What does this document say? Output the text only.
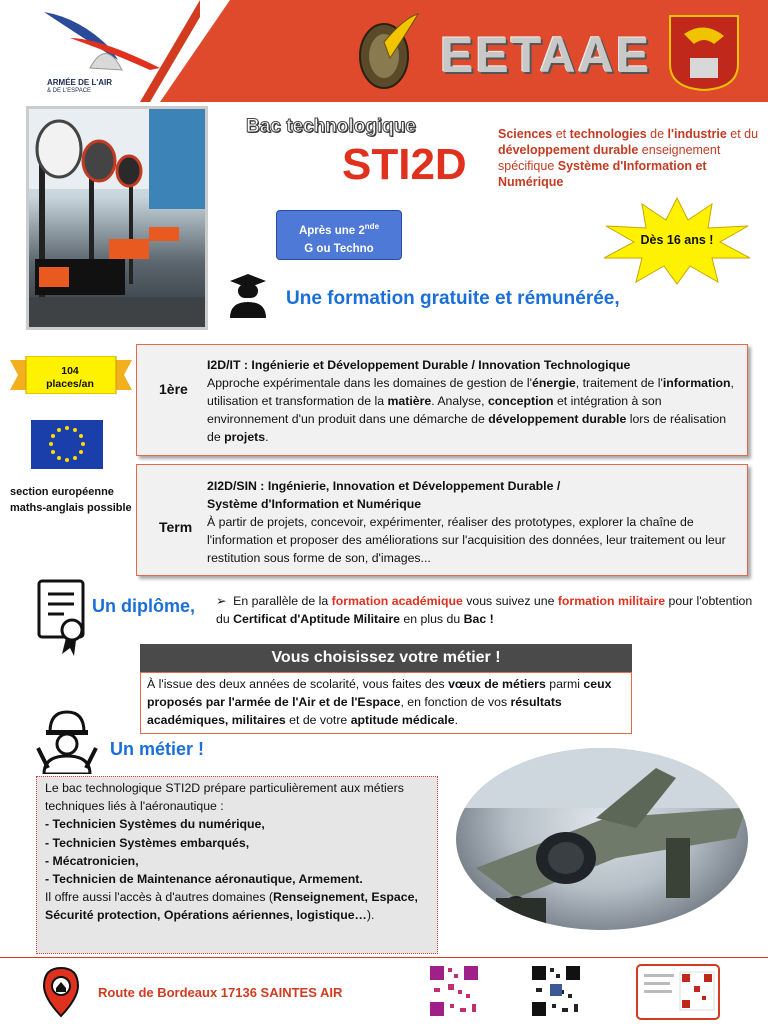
ARMÉE DE L'AIR
& DE L'ESPACE
EETAAE
Bac technologique
STI2D
Sciences et technologies de l'industrie et du développement durable enseignement spécifique Système d'Information et Numérique
Après une 2nde
G ou Techno
Dès 16 ans !
Une formation gratuite et rémunérée,
104
places/an
section européenne
maths-anglais possible
1ère
I2D/IT : Ingénierie et Développement Durable / Innovation Technologique
Approche expérimentale dans les domaines de gestion de l'énergie, traitement de l'information, utilisation et transformation de la matière. Analyse, conception et intégration à son environnement d'un produit dans une démarche de développement durable lors de réalisation de projets.
Term
2I2D/SIN : Ingénierie, Innovation et Développement Durable /
Système d'Information et Numérique
À partir de projets, concevoir, expérimenter, réaliser des prototypes, explorer la chaîne de l'information et proposer des améliorations sur l'acquisition des données, leur traitement ou leur restitution sous forme de son, d'images...
Un diplôme, ➢ En parallèle de la formation académique vous suivez une formation militaire pour l'obtention du Certificat d'Aptitude Militaire en plus du Bac !
Vous choisissez votre métier !
À l'issue des deux années de scolarité, vous faites des vœux de métiers parmi ceux proposés par l'armée de l'Air et de l'Espace, en fonction de vos résultats académiques, militaires et de votre aptitude médicale.
Un métier !
Le bac technologique STI2D prépare particulièrement aux métiers techniques liés à l'aéronautique :
- Technicien Systèmes du numérique,
- Technicien Systèmes embarqués,
- Mécatronicien,
- Technicien de Maintenance aéronautique, Armement.
Il offre aussi l'accès à d'autres domaines (Renseignement, Espace, Sécurité protection, Opérations aériennes, logistique…).
Route de Bordeaux 17136 SAINTES AIR
